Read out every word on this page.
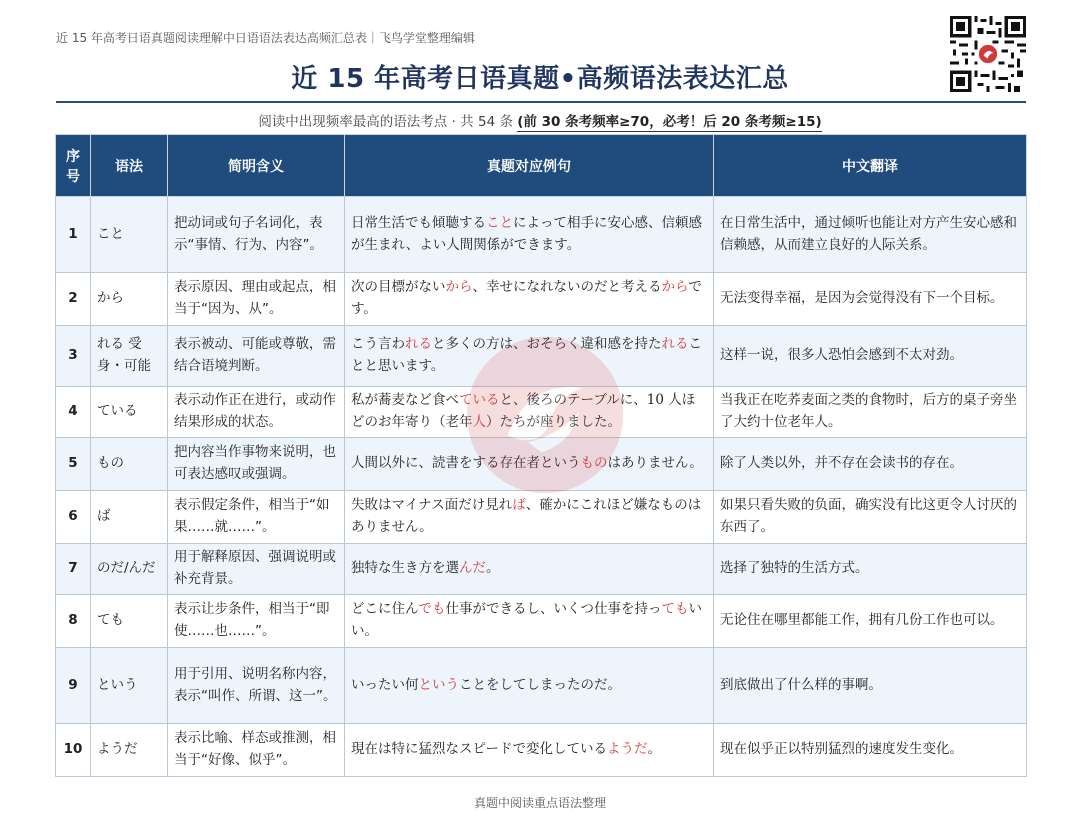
近 15 年高考日语真题阅读理解中日语语法表达高频汇总表｜飞鸟学堂整理编辑
近 15 年高考日语真题•高频语法表达汇总
阅读中出现频率最高的语法考点 · 共 54 条 (前 30 条考频率≥70，必考！后 20 条考频≥15)
序号	语法	简明含义	真题对应例句	中文翻译
1	こと	把动词或句子名词化，表示“事情、行为、内容”。	日常生活でも傾聴することによって相手に安心感、信頼感が生まれ、よい人間関係ができます。	在日常生活中，通过倾听也能让对方产生安心感和信赖感，从而建立良好的人际关系。
2	から	表示原因、理由或起点，相当于“因为、从”。	次の目標がないから、幸せになれないのだと考えるからです。	无法变得幸福，是因为会觉得没有下一个目标。
3	れる 受身・可能	表示被动、可能或尊敬，需结合语境判断。	こう言われると多くの方は、おそらく違和感を持たれることと思います。	这样一说，很多人恐怕会感到不太对劲。
4	ている	表示动作正在进行，或动作结果形成的状态。	私が蕎麦など食べていると、後ろのテーブルに、10 人ほどのお年寄り（老年人）たちが座りました。	当我正在吃荞麦面之类的食物时，后方的桌子旁坐了大约十位老年人。
5	もの	把内容当作事物来说明，也可表达感叹或强调。	人間以外に、読書をする存在者というものはありません。	除了人类以外，并不存在会读书的存在。
6	ば	表示假定条件，相当于“如果……就……”。	失敗はマイナス面だけ見れば、確かにこれほど嫌なものはありません。	如果只看失败的负面，确实没有比这更令人讨厌的东西了。
7	のだ/んだ	用于解释原因、强调说明或补充背景。	独特な生き方を選んだ。	选择了独特的生活方式。
8	ても	表示让步条件，相当于“即使……也……”。	どこに住んでも仕事ができるし、いくつ仕事を持ってもいい。	无论住在哪里都能工作，拥有几份工作也可以。
9	という	用于引用、说明名称内容，表示“叫作、所谓、这一”。	いったい何ということをしてしまったのだ。	到底做出了什么样的事啊。
10	ようだ	表示比喻、样态或推测，相当于“好像、似乎”。	現在は特に猛烈なスピードで変化しているようだ。	现在似乎正以特别猛烈的速度发生变化。
真题中阅读重点语法整理
